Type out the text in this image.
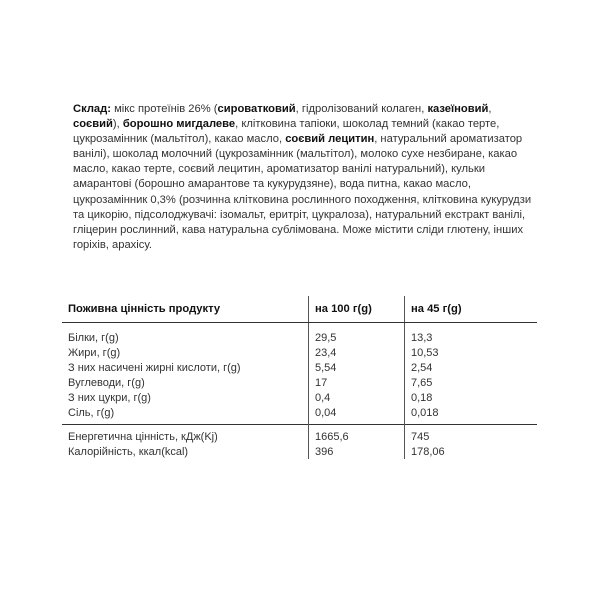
Склад: мікс протеїнів 26% (сироватковий, гідролізований колаген, казеїновий, соєвий), борошно мигдалеве, клітковина тапіоки, шоколад темний (какао терте, цукрозамінник (мальтітол), какао масло, соєвий лецитин, натуральний ароматизатор ванілі), шоколад молочний (цукрозамінник (мальтітол), молоко сухе незбиране, какао масло, какао терте, соєвий лецитин, ароматизатор ванілі натуральний), кульки амарантові (борошно амарантове та кукурудзяне), вода питна, какао масло, цукрозамінник 0,3% (розчинна клітковина рослинного походження, клітковина кукурудзи та цикорію, підсолоджувачі: ізомальт, еритріт, цукралоза), натуральний екстракт ванілі, гліцерин рослинний, кава натуральна сублімована. Може містити сліди глютену, інших горіхів, арахісу.
Поживна цінність продукту	на 100 г(g)	на 45 г(g)
Білки, г(g)	29,5	13,3
Жири, г(g)	23,4	10,53
З них насичені жирні кислоти, г(g)	5,54	2,54
Вуглеводи, г(g)	17	7,65
З них цукри, г(g)	0,4	0,18
Сіль, г(g)	0,04	0,018
Енергетична цінність, кДж(Kj)	1665,6	745
Калорійність, ккал(kcal)	396	178,06
